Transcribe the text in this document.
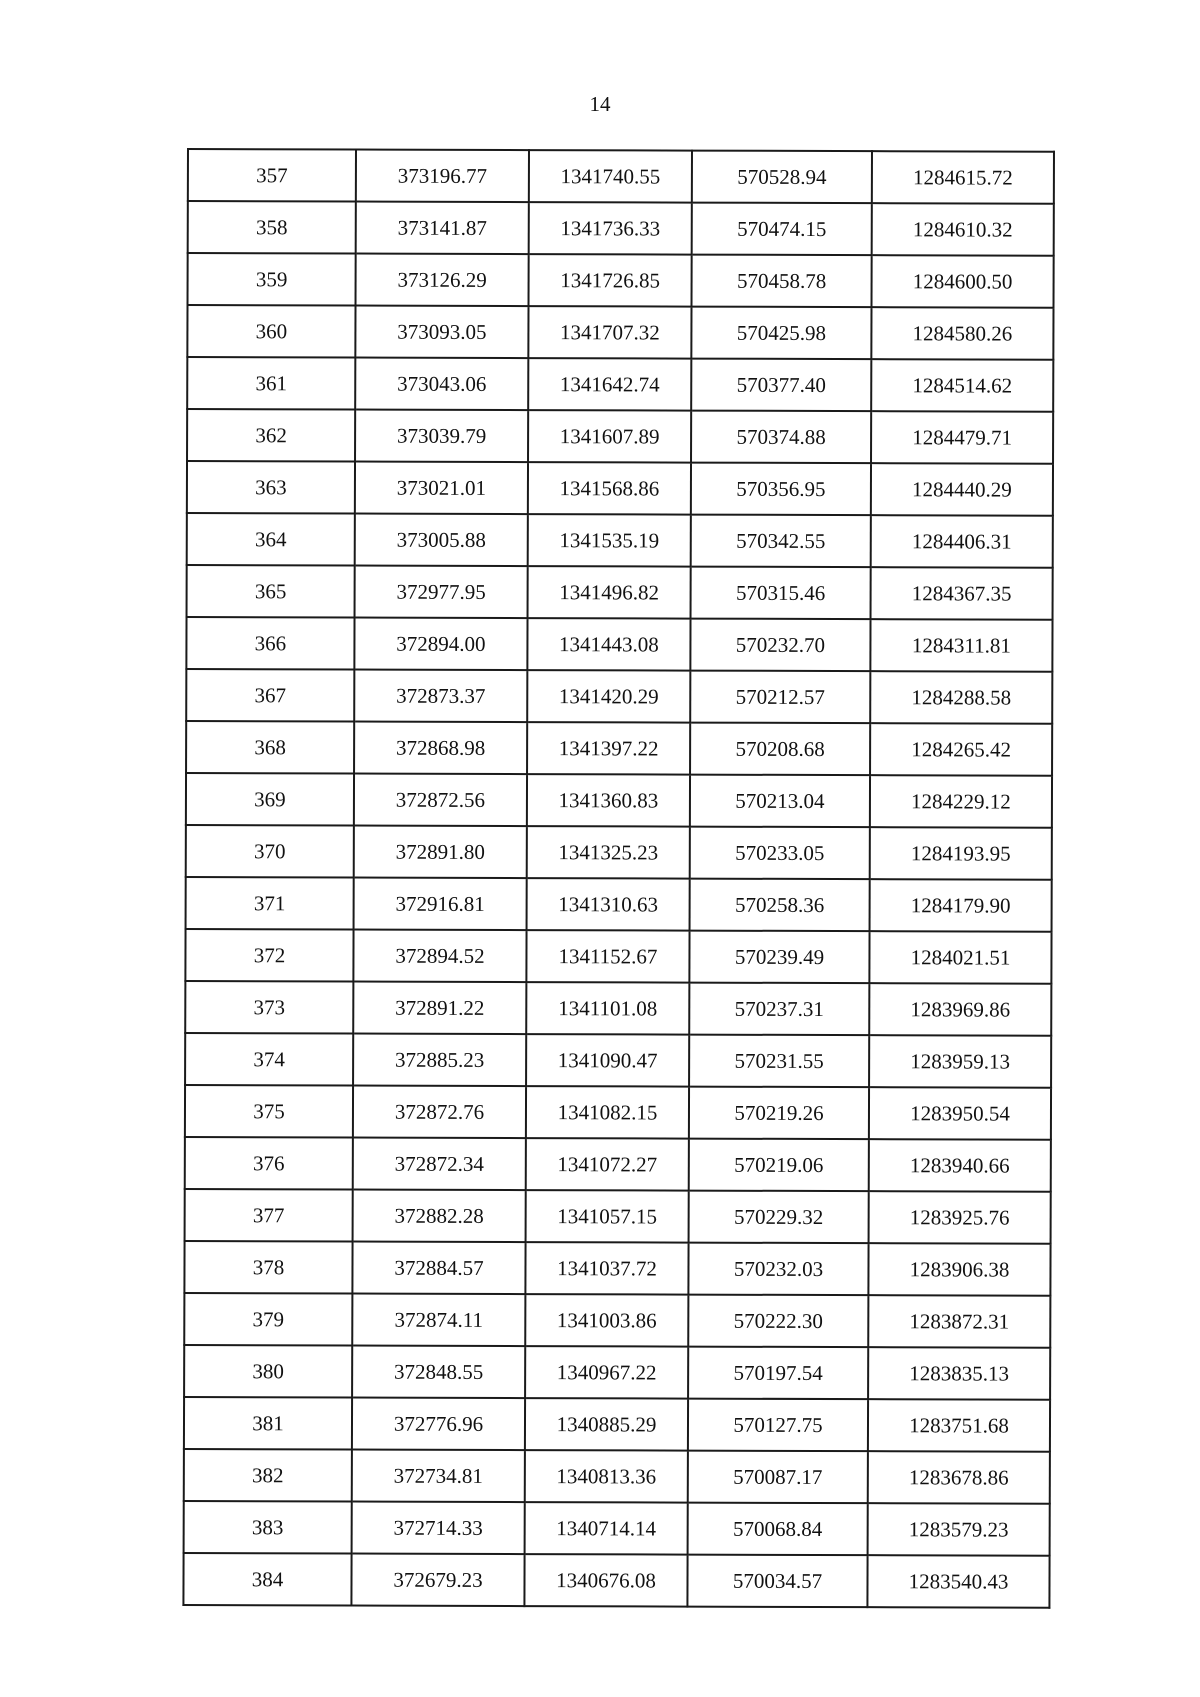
14
357	373196.77	1341740.55	570528.94	1284615.72
358	373141.87	1341736.33	570474.15	1284610.32
359	373126.29	1341726.85	570458.78	1284600.50
360	373093.05	1341707.32	570425.98	1284580.26
361	373043.06	1341642.74	570377.40	1284514.62
362	373039.79	1341607.89	570374.88	1284479.71
363	373021.01	1341568.86	570356.95	1284440.29
364	373005.88	1341535.19	570342.55	1284406.31
365	372977.95	1341496.82	570315.46	1284367.35
366	372894.00	1341443.08	570232.70	1284311.81
367	372873.37	1341420.29	570212.57	1284288.58
368	372868.98	1341397.22	570208.68	1284265.42
369	372872.56	1341360.83	570213.04	1284229.12
370	372891.80	1341325.23	570233.05	1284193.95
371	372916.81	1341310.63	570258.36	1284179.90
372	372894.52	1341152.67	570239.49	1284021.51
373	372891.22	1341101.08	570237.31	1283969.86
374	372885.23	1341090.47	570231.55	1283959.13
375	372872.76	1341082.15	570219.26	1283950.54
376	372872.34	1341072.27	570219.06	1283940.66
377	372882.28	1341057.15	570229.32	1283925.76
378	372884.57	1341037.72	570232.03	1283906.38
379	372874.11	1341003.86	570222.30	1283872.31
380	372848.55	1340967.22	570197.54	1283835.13
381	372776.96	1340885.29	570127.75	1283751.68
382	372734.81	1340813.36	570087.17	1283678.86
383	372714.33	1340714.14	570068.84	1283579.23
384	372679.23	1340676.08	570034.57	1283540.43
